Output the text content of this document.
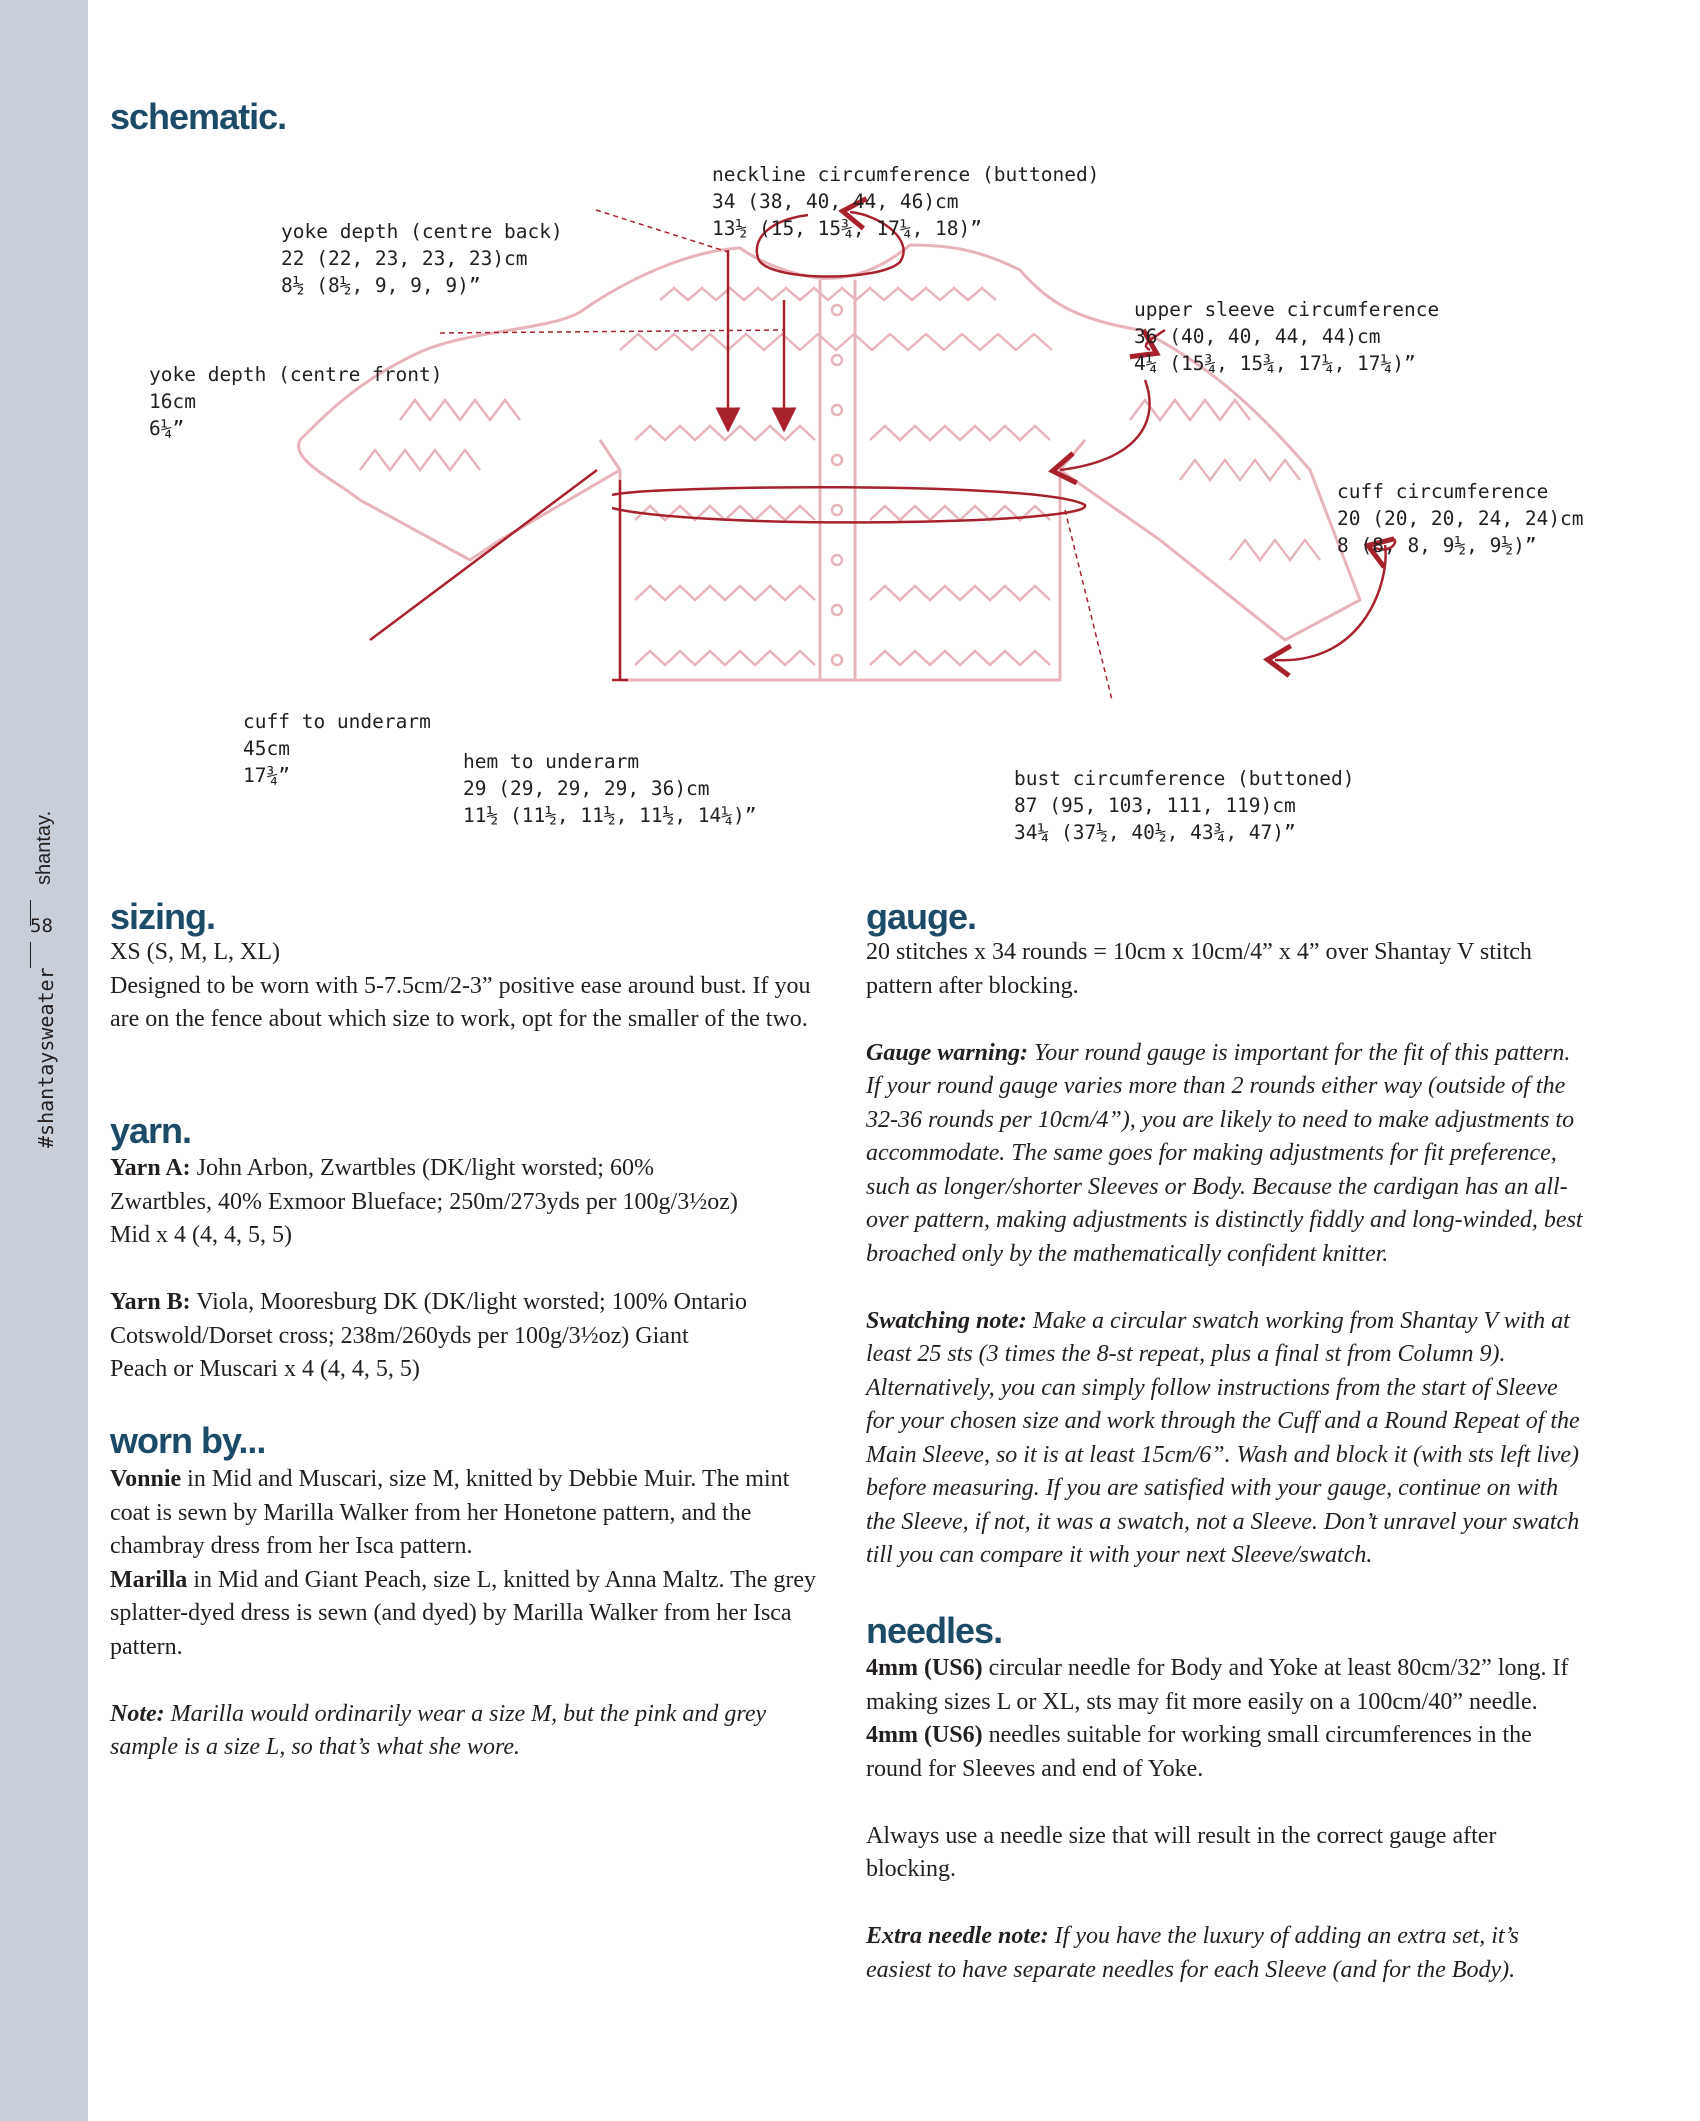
shantay.
58
#shantaysweater
schematic.

neckline circumference (buttoned)
34 (38, 40, 44, 46)cm
13½ (15, 15¾, 17¼, 18)”

yoke depth (centre back)
22 (22, 23, 23, 23)cm
8½ (8½, 9, 9, 9)”

upper sleeve circumference
36 (40, 40, 44, 44)cm
4¼ (15¾, 15¾, 17¼, 17¼)”

yoke depth (centre front)
16cm
6¼”

cuff circumference
20 (20, 20, 24, 24)cm
8 (8, 8, 9½, 9½)”

cuff to underarm
45cm
17¾”

hem to underarm
29 (29, 29, 29, 36)cm
11½ (11½, 11½, 11½, 14¼)”

bust circumference (buttoned)
87 (95, 103, 111, 119)cm
34¼ (37½, 40½, 43¾, 47)”

sizing.

XS (S, M, L, XL)

Designed to be worn with 5-7.5cm/2-3” positive ease around bust. If you are on the fence about which size to work, opt for the smaller of the two.

yarn.

Yarn A: John Arbon, Zwartbles (DK/light worsted; 60% Zwartbles, 40% Exmoor Blueface; 250m/273yds per 100g/3½oz) Mid x 4 (4, 4, 5, 5)

Yarn B: Viola, Mooresburg DK (DK/light worsted; 100% Ontario Cotswold/Dorset cross; 238m/260yds per 100g/3½oz) Giant Peach or Muscari x 4 (4, 4, 5, 5)

worn by...

Vonnie in Mid and Muscari, size M, knitted by Debbie Muir. The mint coat is sewn by Marilla Walker from her Honetone pattern, and the chambray dress from her Isca pattern.

Marilla in Mid and Giant Peach, size L, knitted by Anna Maltz. The grey splatter-dyed dress is sewn (and dyed) by Marilla Walker from her Isca pattern.

Note: Marilla would ordinarily wear a size M, but the pink and grey sample is a size L, so that’s what she wore.

gauge.

20 stitches x 34 rounds = 10cm x 10cm/4” x 4” over Shantay V stitch pattern after blocking.

Gauge warning: Your round gauge is important for the fit of this pattern. If your round gauge varies more than 2 rounds either way (outside of the 32-36 rounds per 10cm/4”), you are likely to need to make adjustments to accommodate. The same goes for making adjustments for fit preference, such as longer/shorter Sleeves or Body. Because the cardigan has an all-over pattern, making adjustments is distinctly fiddly and long-winded, best broached only by the mathematically confident knitter.

Swatching note: Make a circular swatch working from Shantay V with at least 25 sts (3 times the 8-st repeat, plus a final st from Column 9). Alternatively, you can simply follow instructions from the start of Sleeve for your chosen size and work through the Cuff and a Round Repeat of the Main Sleeve, so it is at least 15cm/6”. Wash and block it (with sts left live) before measuring. If you are satisfied with your gauge, continue on with the Sleeve, if not, it was a swatch, not a Sleeve. Don’t unravel your swatch till you can compare it with your next Sleeve/swatch.

needles.

4mm (US6) circular needle for Body and Yoke at least 80cm/32” long. If making sizes L or XL, sts may fit more easily on a 100cm/40” needle.

4mm (US6) needles suitable for working small circumferences in the round for Sleeves and end of Yoke.

Always use a needle size that will result in the correct gauge after blocking.

Extra needle note: If you have the luxury of adding an extra set, it’s easiest to have separate needles for each Sleeve (and for the Body).
